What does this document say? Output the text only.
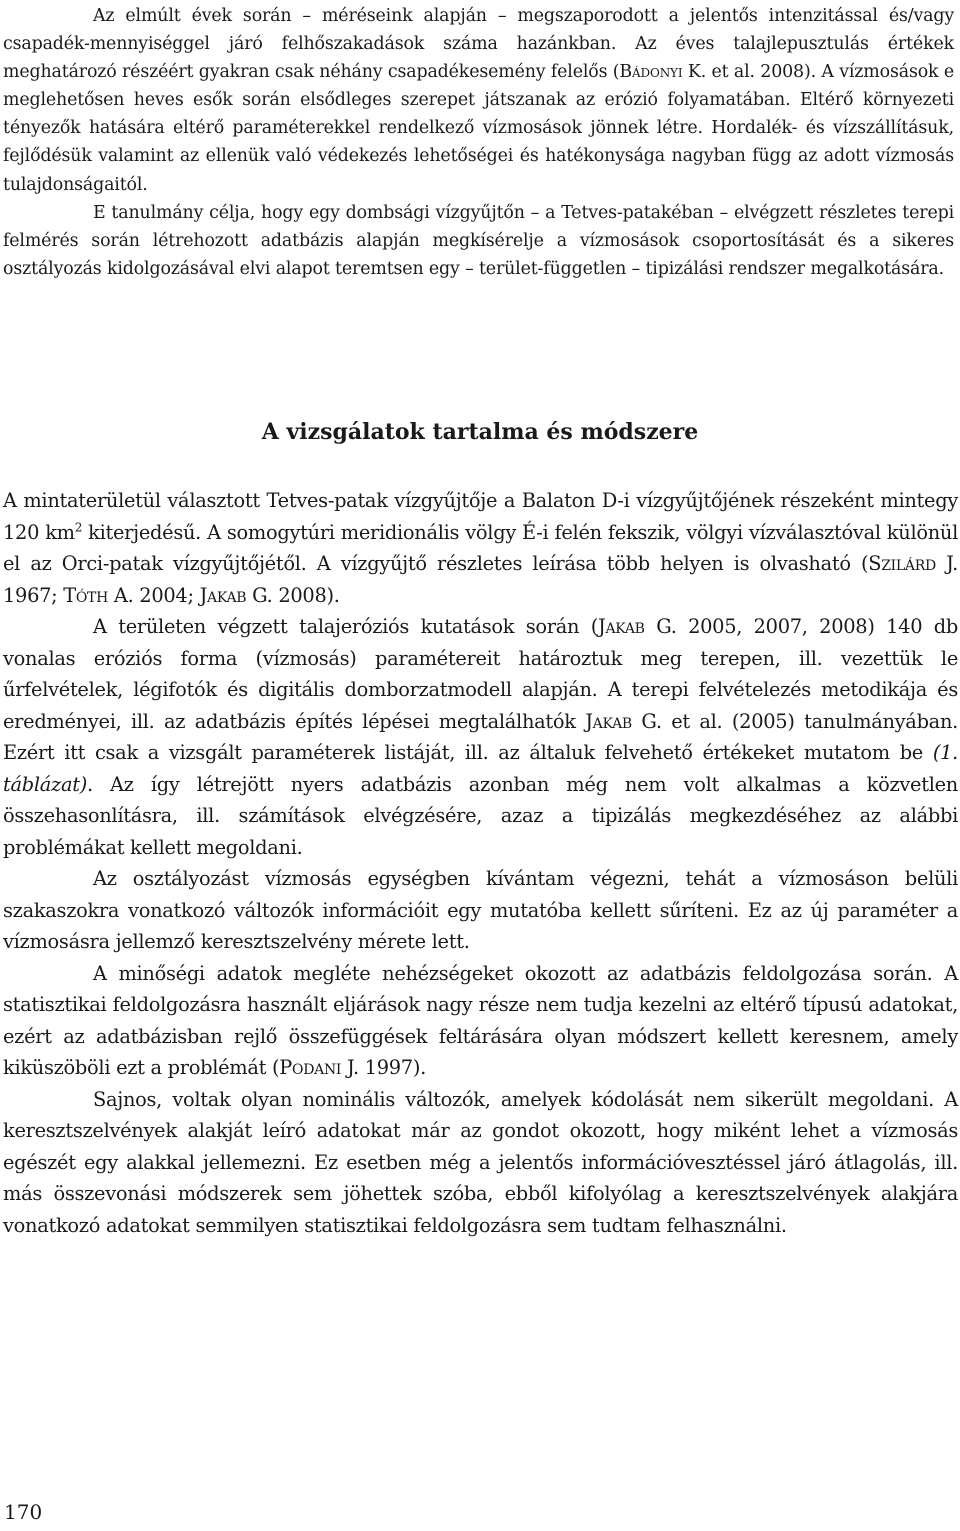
Az elmúlt évek során – méréseink alapján – megszaporodott a jelentős intenzitással és/vagy csapadék-mennyiséggel járó felhőszakadások száma hazánkban. Az éves talajlepusztulás értékek meghatározó részéért gyakran csak néhány csapadékesemény felelős (Bádonyi K. et al. 2008). A vízmosások e meglehetősen heves esők során elsődleges szerepet játszanak az erózió folyamatában. Eltérő környezeti tényezők hatására eltérő paraméterekkel rendelkező vízmosások jönnek létre. Hordalék- és vízszállításuk, fejlődésük valamint az ellenük való védekezés lehetőségei és hatékonysága nagyban függ az adott vízmosás tulajdonságaitól.

E tanulmány célja, hogy egy dombsági vízgyűjtőn – a Tetves-patakéban – elvégzett részletes terepi felmérés során létrehozott adatbázis alapján megkísérelje a vízmosások csoportosítását és a sikeres osztályozás kidolgozásával elvi alapot teremtsen egy – terület-független – tipizálási rendszer megalkotására.

A vizsgálatok tartalma és módszere

A mintaterületül választott Tetves-patak vízgyűjtője a Balaton D-i vízgyűjtőjének részeként mintegy 120 $km^2$ kiterjedésű. A somogytúri meridionális völgy É-i felén fekszik, völgyi vízválasztóval különül el az Orci-patak vízgyűjtőjétől. A vízgyűjtő részletes leírása több helyen is olvasható (Szilárd J. 1967; Tóth A. 2004; Jakab G. 2008).

A területen végzett talajeróziós kutatások során (Jakab G. 2005, 2007, 2008) 140 db vonalas eróziós forma (vízmosás) paramétereit határoztuk meg terepen, ill. vezettük le űrfelvételek, légifotók és digitális domborzatmodell alapján. A terepi felvételezés metodikája és eredményei, ill. az adatbázis építés lépései megtalálhatók Jakab G. et al. (2005) tanulmányában. Ezért itt csak a vizsgált paraméterek listáját, ill. az általuk felvehető értékeket mutatom be (1. táblázat). Az így létrejött nyers adatbázis azonban még nem volt alkalmas a közvetlen összehasonlításra, ill. számítások elvégzésére, azaz a tipizálás megkezdéséhez az alábbi problémákat kellett megoldani.

Az osztályozást vízmosás egységben kívántam végezni, tehát a vízmosáson belüli szakaszokra vonatkozó változók információit egy mutatóba kellett sűríteni. Ez az új paraméter a vízmosásra jellemző keresztszelvény mérete lett.

A minőségi adatok megléte nehézségeket okozott az adatbázis feldolgozása során. A statisztikai feldolgozásra használt eljárások nagy része nem tudja kezelni az eltérő típusú adatokat, ezért az adatbázisban rejlő összefüggések feltárására olyan módszert kellett keresnem, amely kiküszöböli ezt a problémát (Podani J. 1997).

Sajnos, voltak olyan nominális változók, amelyek kódolását nem sikerült megoldani. A keresztszelvények alakját leíró adatokat már az gondot okozott, hogy miként lehet a vízmosás egészét egy alakkal jellemezni. Ez esetben még a jelentős információvesztéssel járó átlagolás, ill. más összevonási módszerek sem jöhettek szóba, ebből kifolyólag a keresztszelvények alakjára vonatkozó adatokat semmilyen statisztikai feldolgozásra sem tudtam felhasználni.

170
